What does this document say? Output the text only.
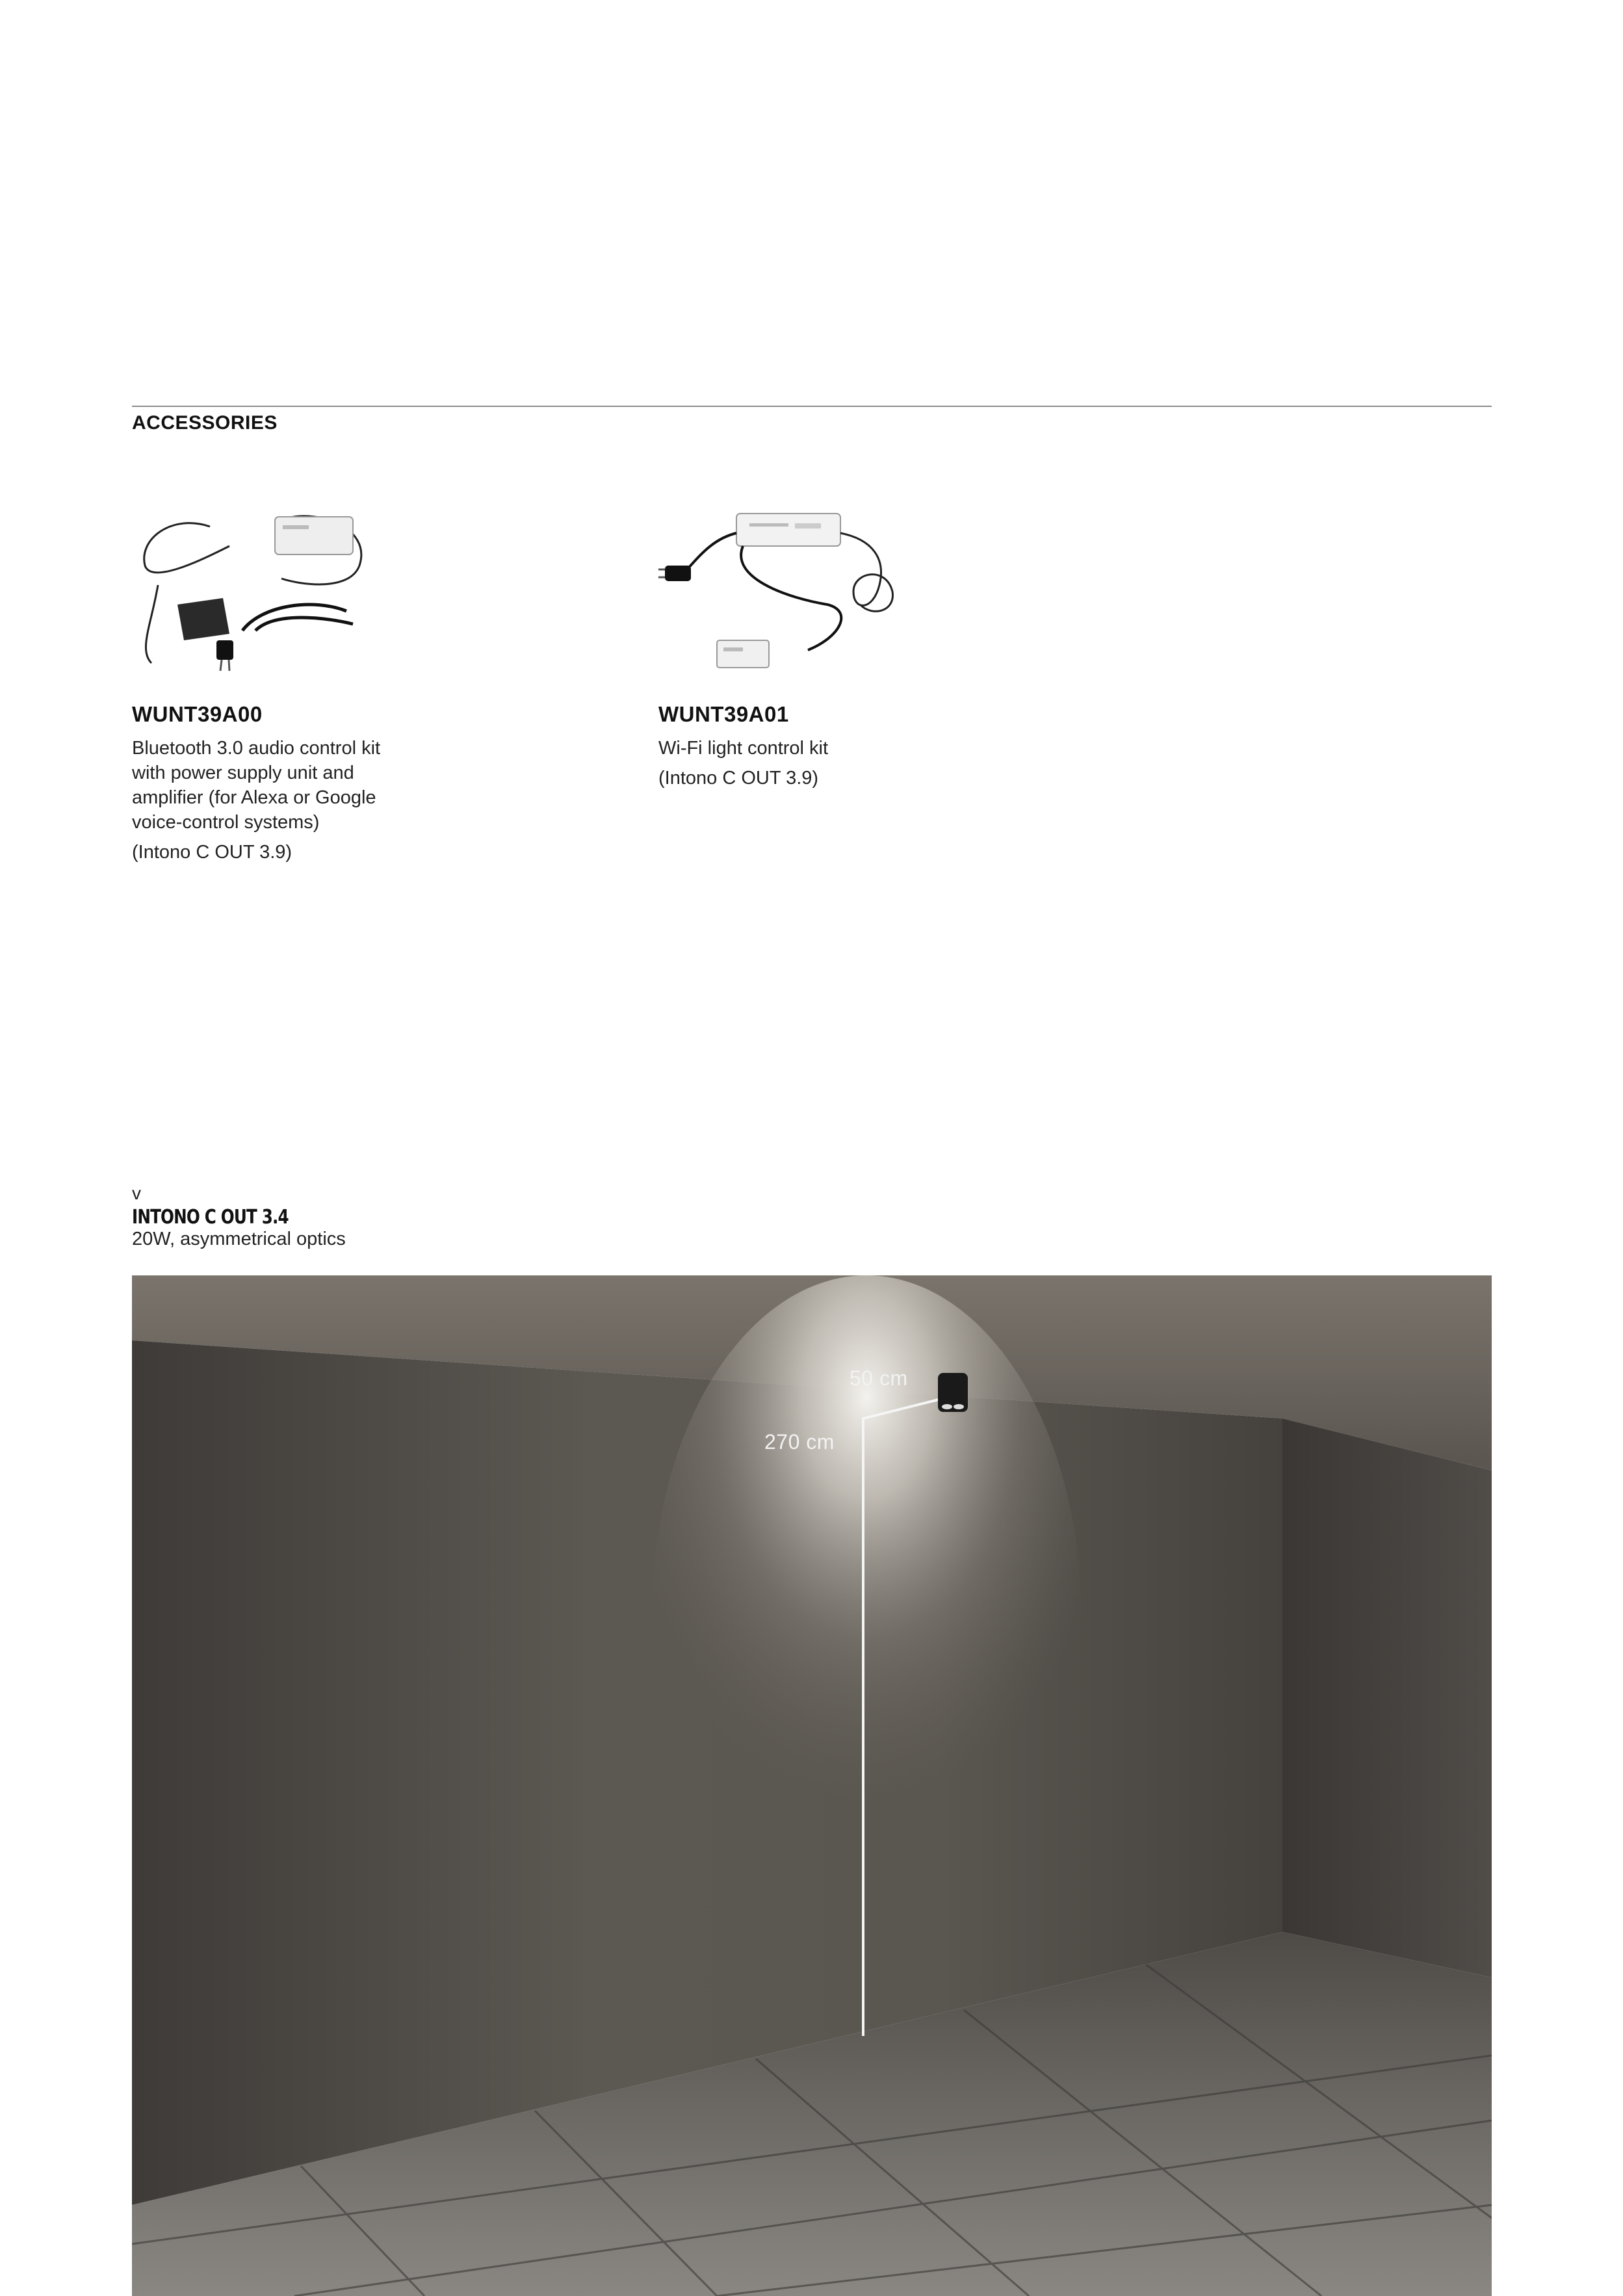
ACCESSORIES
WUNT39A00
Bluetooth 3.0 audio control kit with power supply unit and amplifier (for Alexa or Google voice-control systems)
(Intono C OUT 3.9)
WUNT39A01
Wi-Fi light control kit
(Intono C OUT 3.9)
v
INTONO C OUT 3.4
20W, asymmetrical optics
50 cm
270 cm
